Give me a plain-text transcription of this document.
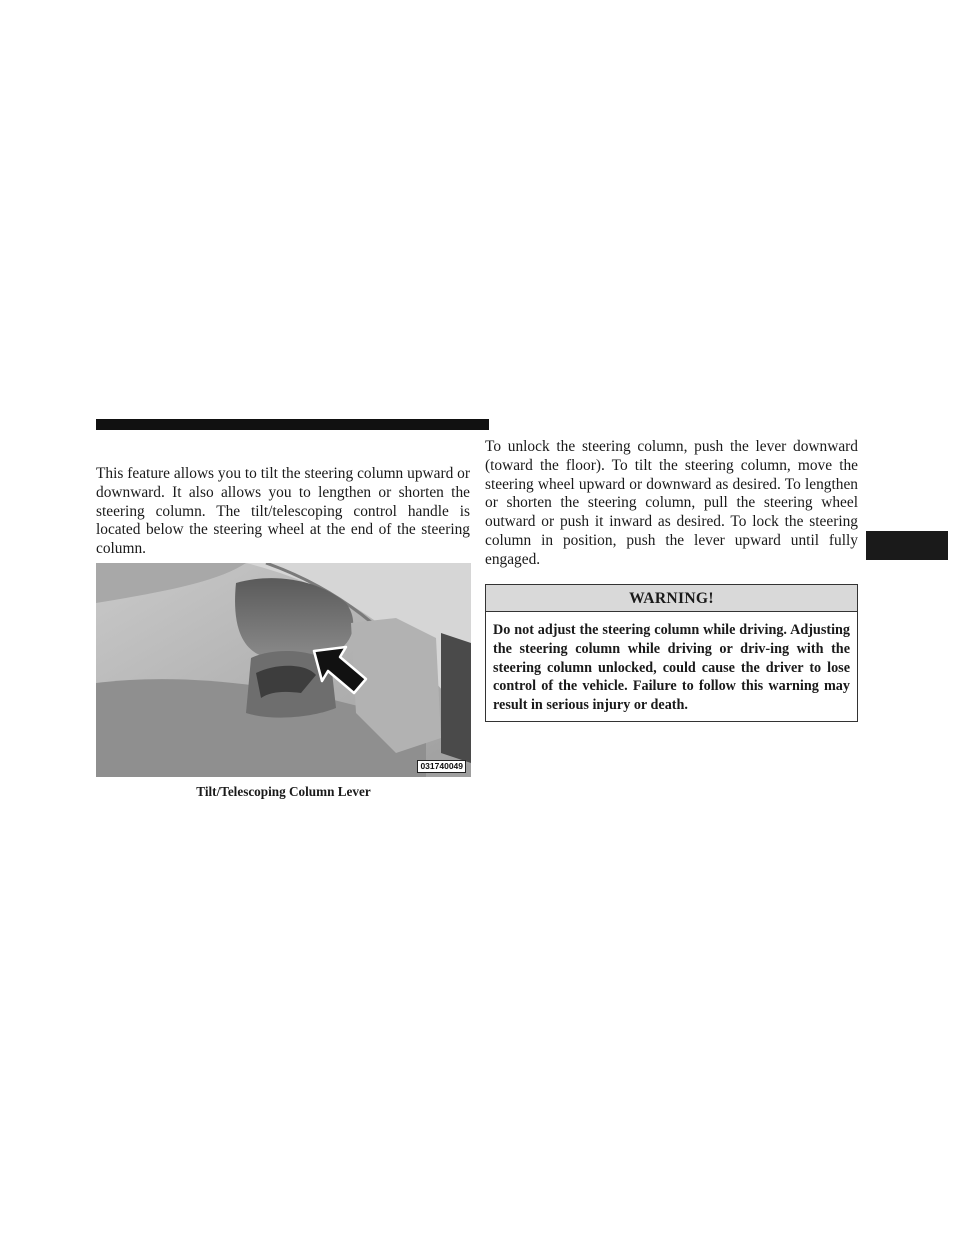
This feature allows you to tilt the steering column upward or downward. It also allows you to lengthen or shorten the steering column. The tilt/telescoping control handle is located below the steering wheel at the end of the steering column.

031740049
Tilt/Telescoping Column Lever

To unlock the steering column, push the lever downward (toward the floor). To tilt the steering column, move the steering wheel upward or downward as desired. To lengthen or shorten the steering column, pull the steering wheel outward or push it inward as desired. To lock the steering column in position, push the lever upward until fully engaged.

WARNING!

Do not adjust the steering column while driving. Adjusting the steering column while driving or driv-ing with the steering column unlocked, could cause the driver to lose control of the vehicle. Failure to follow this warning may result in serious injury or death.
